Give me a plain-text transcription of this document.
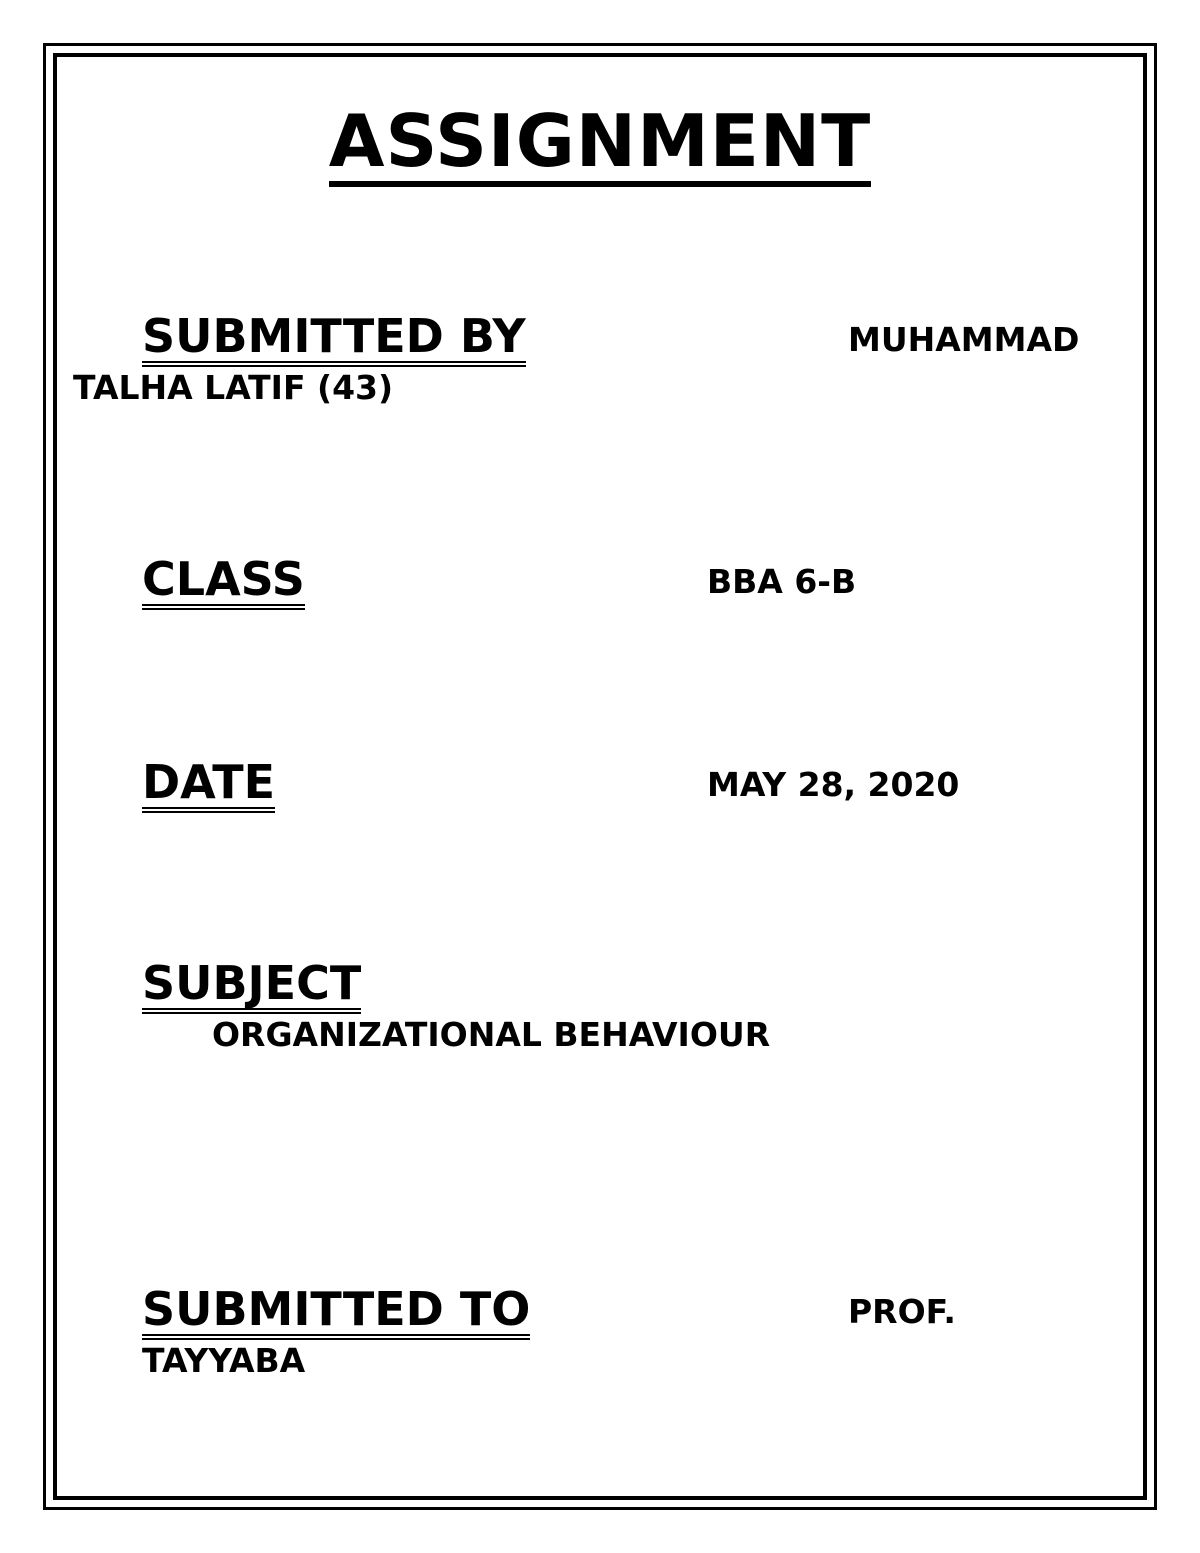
ASSIGNMENT
SUBMITTED BY	MUHAMMAD
TALHA LATIF (43)
CLASS	BBA 6-B
DATE	MAY 28, 2020
SUBJECT
ORGANIZATIONAL BEHAVIOUR
SUBMITTED TO	PROF.
TAYYABA
